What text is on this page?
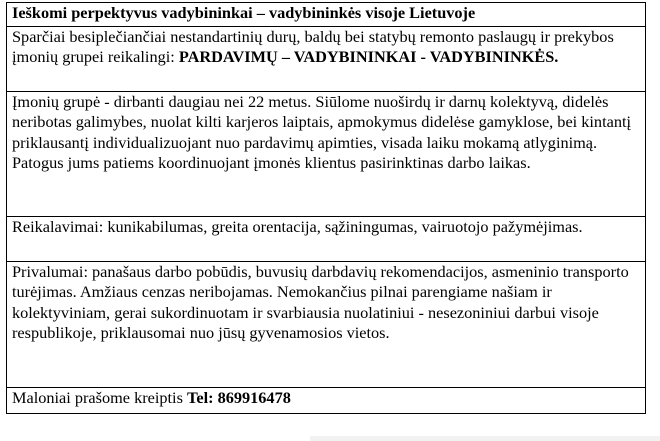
Ieškomi perpektyvus vadybininkai – vadybininkės visoje Lietuvoje
Sparčiai besiplečiančiai nestandartinių durų, baldų bei statybų remonto paslaugų ir prekybos įmonių grupei reikalingi: PARDAVIMŲ – VADYBININKAI - VADYBININKĖS.
Įmonių grupė - dirbanti daugiau nei 22 metus. Siūlome nuoširdų ir darnų kolektyvą, didelės neribotas galimybes, nuolat kilti karjeros laiptais, apmokymus didelėse gamyklose, bei kintantį priklausantį individualizuojant nuo pardavimų apimties, visada laiku mokamą atlyginimą. Patogus jums patiems koordinuojant įmonės klientus pasirinktinas darbo laikas.
Reikalavimai: kunikabilumas, greita orentacija, sąžiningumas, vairuotojo pažymėjimas.
Privalumai: panašaus darbo pobūdis, buvusių darbdavių rekomendacijos, asmeninio transporto turėjimas. Amžiaus cenzas neribojamas. Nemokančius pilnai parengiame našiam ir kolektyviniam, gerai sukordinuotam ir svarbiausia nuolatiniui - nesezoniniui darbui visoje respublikoje, priklausomai nuo jūsų gyvenamosios vietos.
Maloniai prašome kreiptis Tel: 869916478
